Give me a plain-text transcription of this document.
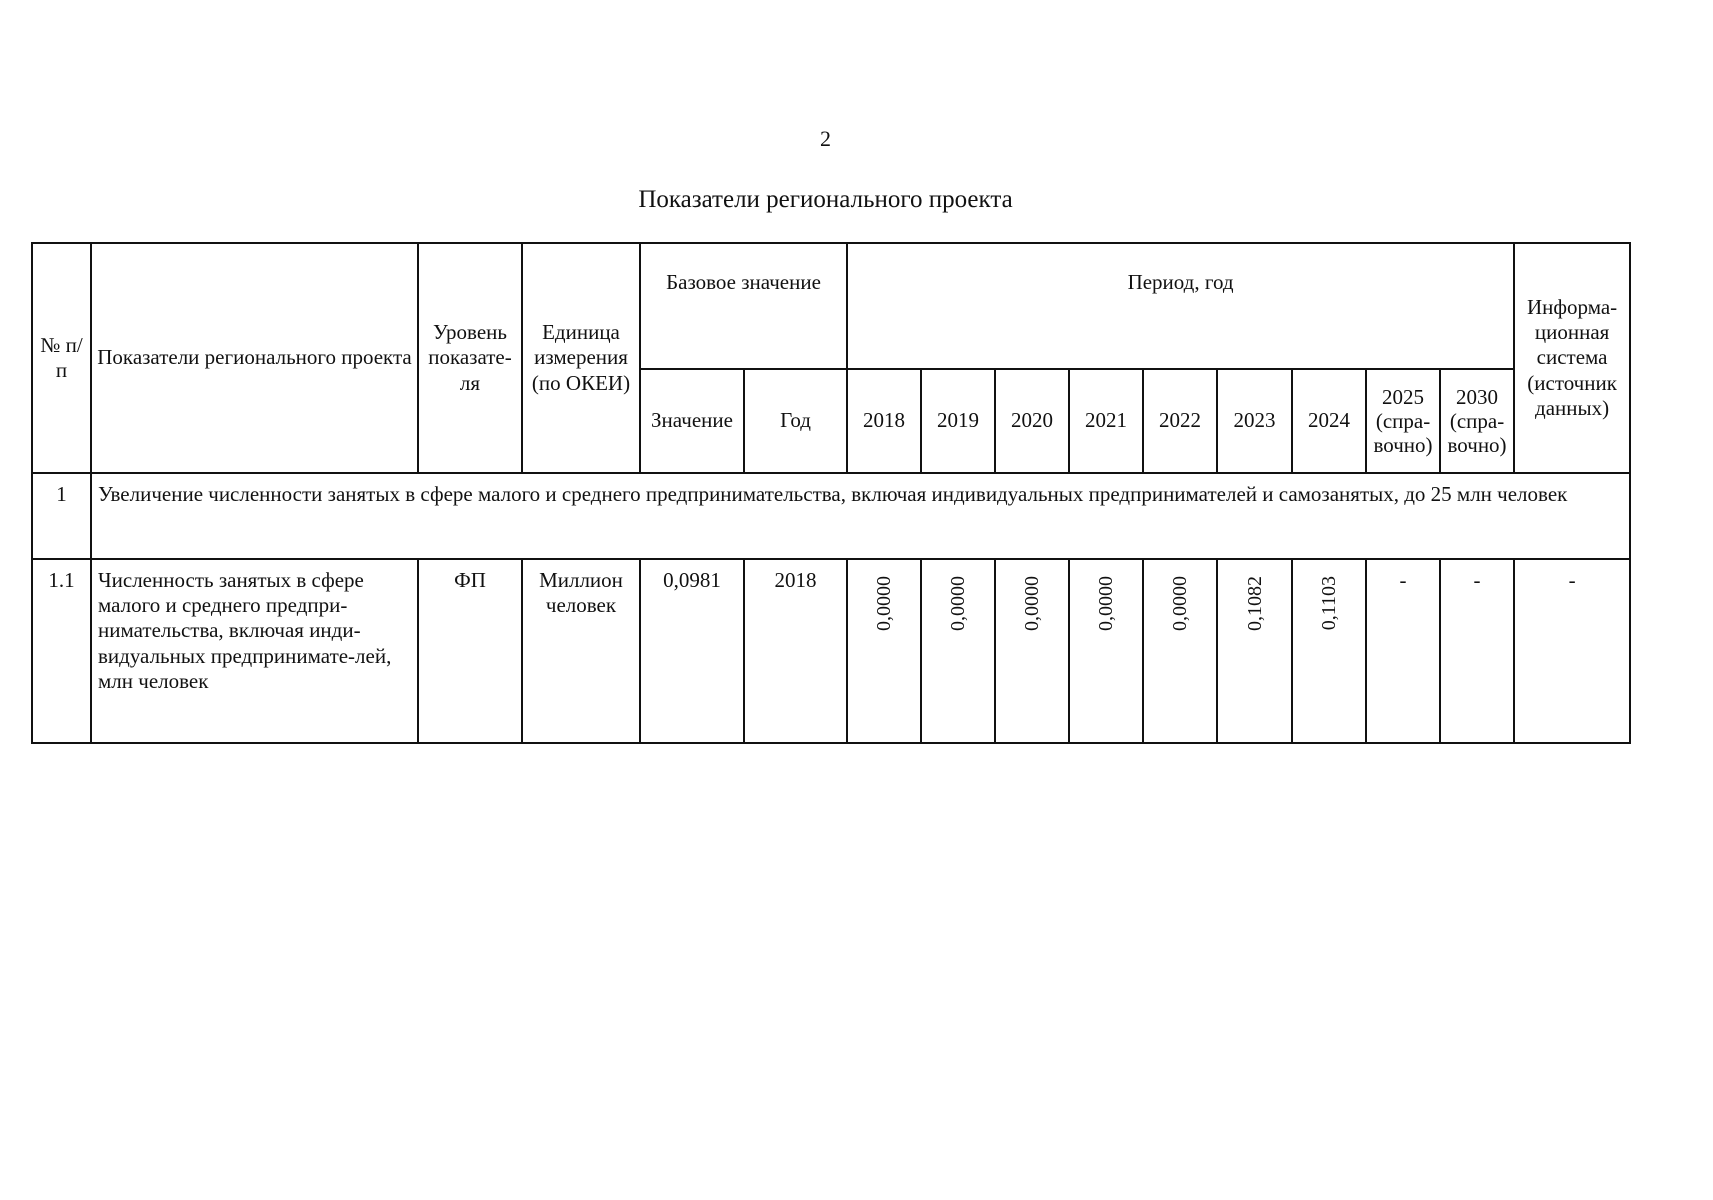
2
Показатели регионального проекта
№ п/п	Показатели регионального проекта	Уровень показате-ля	Единица измерения (по ОКЕИ)	Базовое значение		Период, год									Информа-ционная система (источник данных)
				Значение	Год	2018	2019	2020	2021	2022	2023	2024	2025 (спра-вочно)	2030 (спра-вочно)	
1	Увеличение численности занятых в сфере малого и среднего предпринимательства, включая индивидуальных предпринимателей и самозанятых, до 25 млн человек														
1.1	Численность занятых в сфере малого и среднего предпри-нимательства, включая инди-видуальных предпринимате-лей, млн человек	ФП	Миллион человек	0,0981	2018	0,0000	0,0000	0,0000	0,0000	0,0000	0,1082	0,1103	-	-	-
